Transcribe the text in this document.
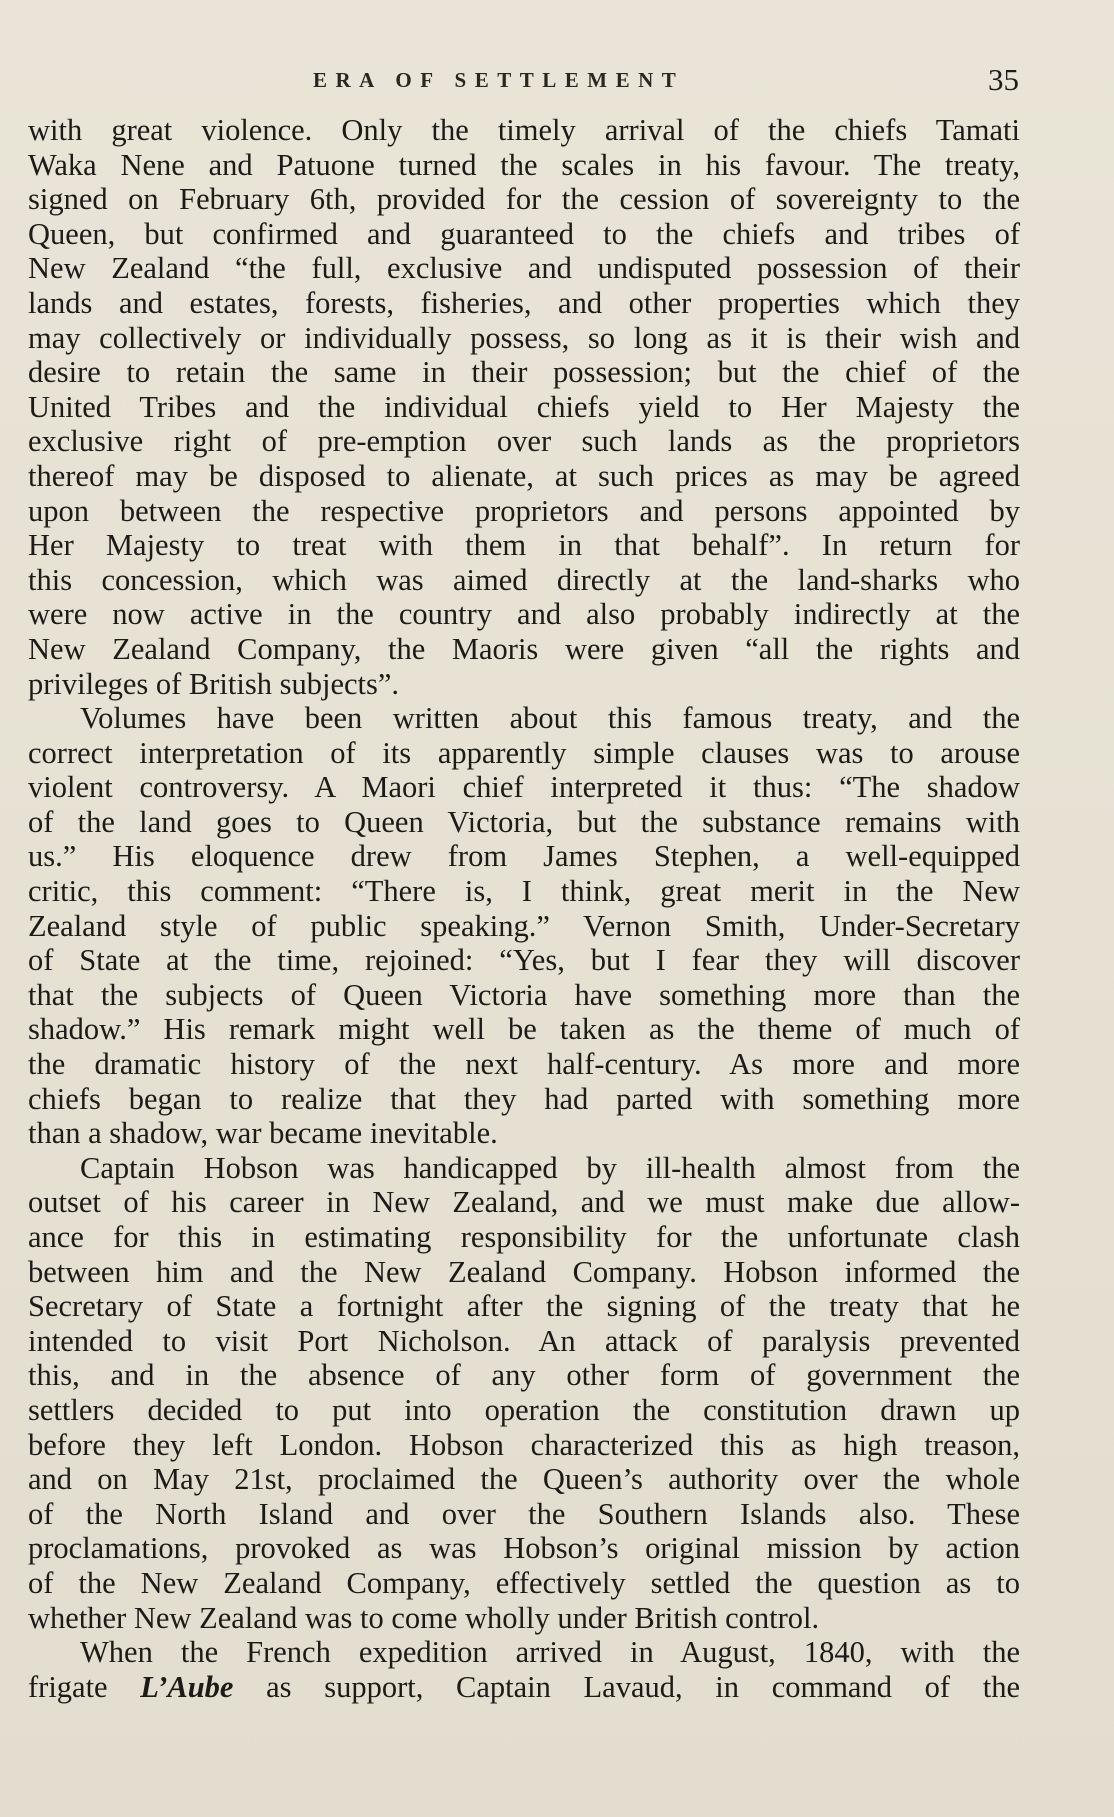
ERA OF SETTLEMENT	35
with great violence. Only the timely arrival of the chiefs Tamati
Waka Nene and Patuone turned the scales in his favour. The treaty,
signed on February 6th, provided for the cession of sovereignty to the
Queen, but confirmed and guaranteed to the chiefs and tribes of
New Zealand “the full, exclusive and undisputed possession of their
lands and estates, forests, fisheries, and other properties which they
may collectively or individually possess, so long as it is their wish and
desire to retain the same in their possession; but the chief of the
United Tribes and the individual chiefs yield to Her Majesty the
exclusive right of pre-emption over such lands as the proprietors
thereof may be disposed to alienate, at such prices as may be agreed
upon between the respective proprietors and persons appointed by
Her Majesty to treat with them in that behalf”. In return for
this concession, which was aimed directly at the land-sharks who
were now active in the country and also probably indirectly at the
New Zealand Company, the Maoris were given “all the rights and
privileges of British subjects”.
Volumes have been written about this famous treaty, and the
correct interpretation of its apparently simple clauses was to arouse
violent controversy. A Maori chief interpreted it thus: “The shadow
of the land goes to Queen Victoria, but the substance remains with
us.” His eloquence drew from James Stephen, a well-equipped
critic, this comment: “There is, I think, great merit in the New
Zealand style of public speaking.” Vernon Smith, Under-Secretary
of State at the time, rejoined: “Yes, but I fear they will discover
that the subjects of Queen Victoria have something more than the
shadow.” His remark might well be taken as the theme of much of
the dramatic history of the next half-century. As more and more
chiefs began to realize that they had parted with something more
than a shadow, war became inevitable.
Captain Hobson was handicapped by ill-health almost from the
outset of his career in New Zealand, and we must make due allow-
ance for this in estimating responsibility for the unfortunate clash
between him and the New Zealand Company. Hobson informed the
Secretary of State a fortnight after the signing of the treaty that he
intended to visit Port Nicholson. An attack of paralysis prevented
this, and in the absence of any other form of government the
settlers decided to put into operation the constitution drawn up
before they left London. Hobson characterized this as high treason,
and on May 21st, proclaimed the Queen’s authority over the whole
of the North Island and over the Southern Islands also. These
proclamations, provoked as was Hobson’s original mission by action
of the New Zealand Company, effectively settled the question as to
whether New Zealand was to come wholly under British control.
When the French expedition arrived in August, 1840, with the
frigate L’Aube as support, Captain Lavaud, in command of the
